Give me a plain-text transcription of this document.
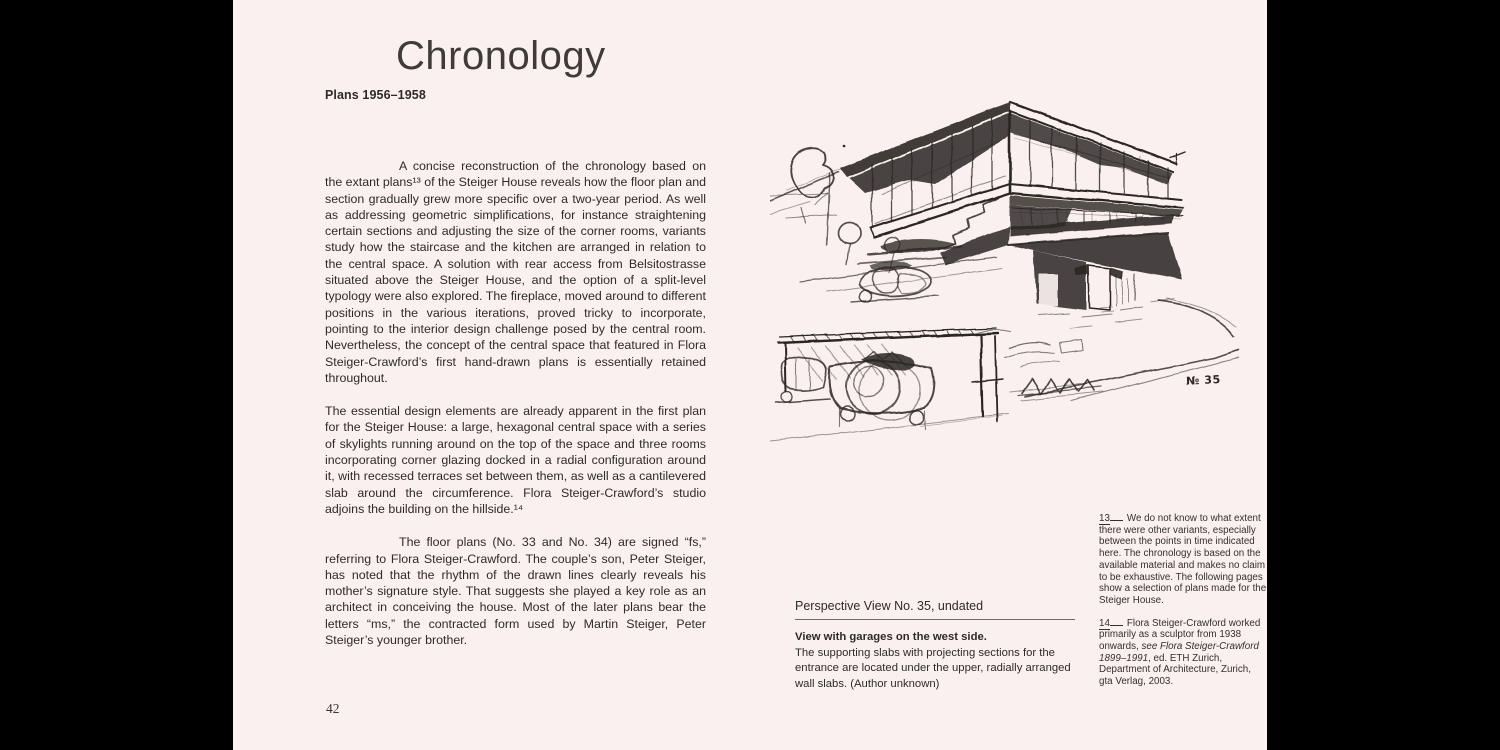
Chronology
Plans 1956–1958

A concise reconstruction of the chronology based on the extant plans¹³ of the Steiger House reveals how the floor plan and section gradually grew more specific over a two-year period. As well as addressing geometric simplifications, for instance straightening certain sections and adjusting the size of the corner rooms, variants study how the staircase and the kitchen are arranged in relation to the central space. A solution with rear access from Belsitostrasse situated above the Steiger House, and the option of a split-level typology were also explored. The fireplace, moved around to different positions in the various iterations, proved tricky to incorporate, pointing to the interior design challenge posed by the central room. Nevertheless, the concept of the central space that featured in Flora Steiger-Crawford’s first hand-drawn plans is essentially retained throughout.

The essential design elements are already apparent in the first plan for the Steiger House: a large, hexagonal central space with a series of skylights running around on the top of the space and three rooms incorporating corner glazing docked in a radial configuration around it, with recessed terraces set between them, as well as a cantilevered slab around the circumference. Flora Steiger-Crawford’s studio adjoins the building on the hillside.¹⁴

The floor plans (No. 33 and No. 34) are signed “fs,” referring to Flora Steiger-Crawford. The couple’s son, Peter Steiger, has noted that the rhythm of the drawn lines clearly reveals his mother’s signature style. That suggests she played a key role as an architect in conceiving the house. Most of the later plans bear the letters “ms,” the contracted form used by Martin Steiger, Peter Steiger’s younger brother.

42
№ 35
Perspective View No. 35, undated
View with garages on the west side.
The supporting slabs with projecting sections for the entrance are located under the upper, radially arranged wall slabs. (Author unknown)
13 We do not know to what extent there were other variants, especially between the points in time indicated here. The chronology is based on the available material and makes no claim to be exhaustive. The following pages show a selection of plans made for the Steiger House.
14 Flora Steiger-Crawford worked primarily as a sculptor from 1938 onwards, see Flora Steiger-Crawford 1899–1991, ed. ETH Zurich, Department of Architecture, Zurich, gta Verlag, 2003.
